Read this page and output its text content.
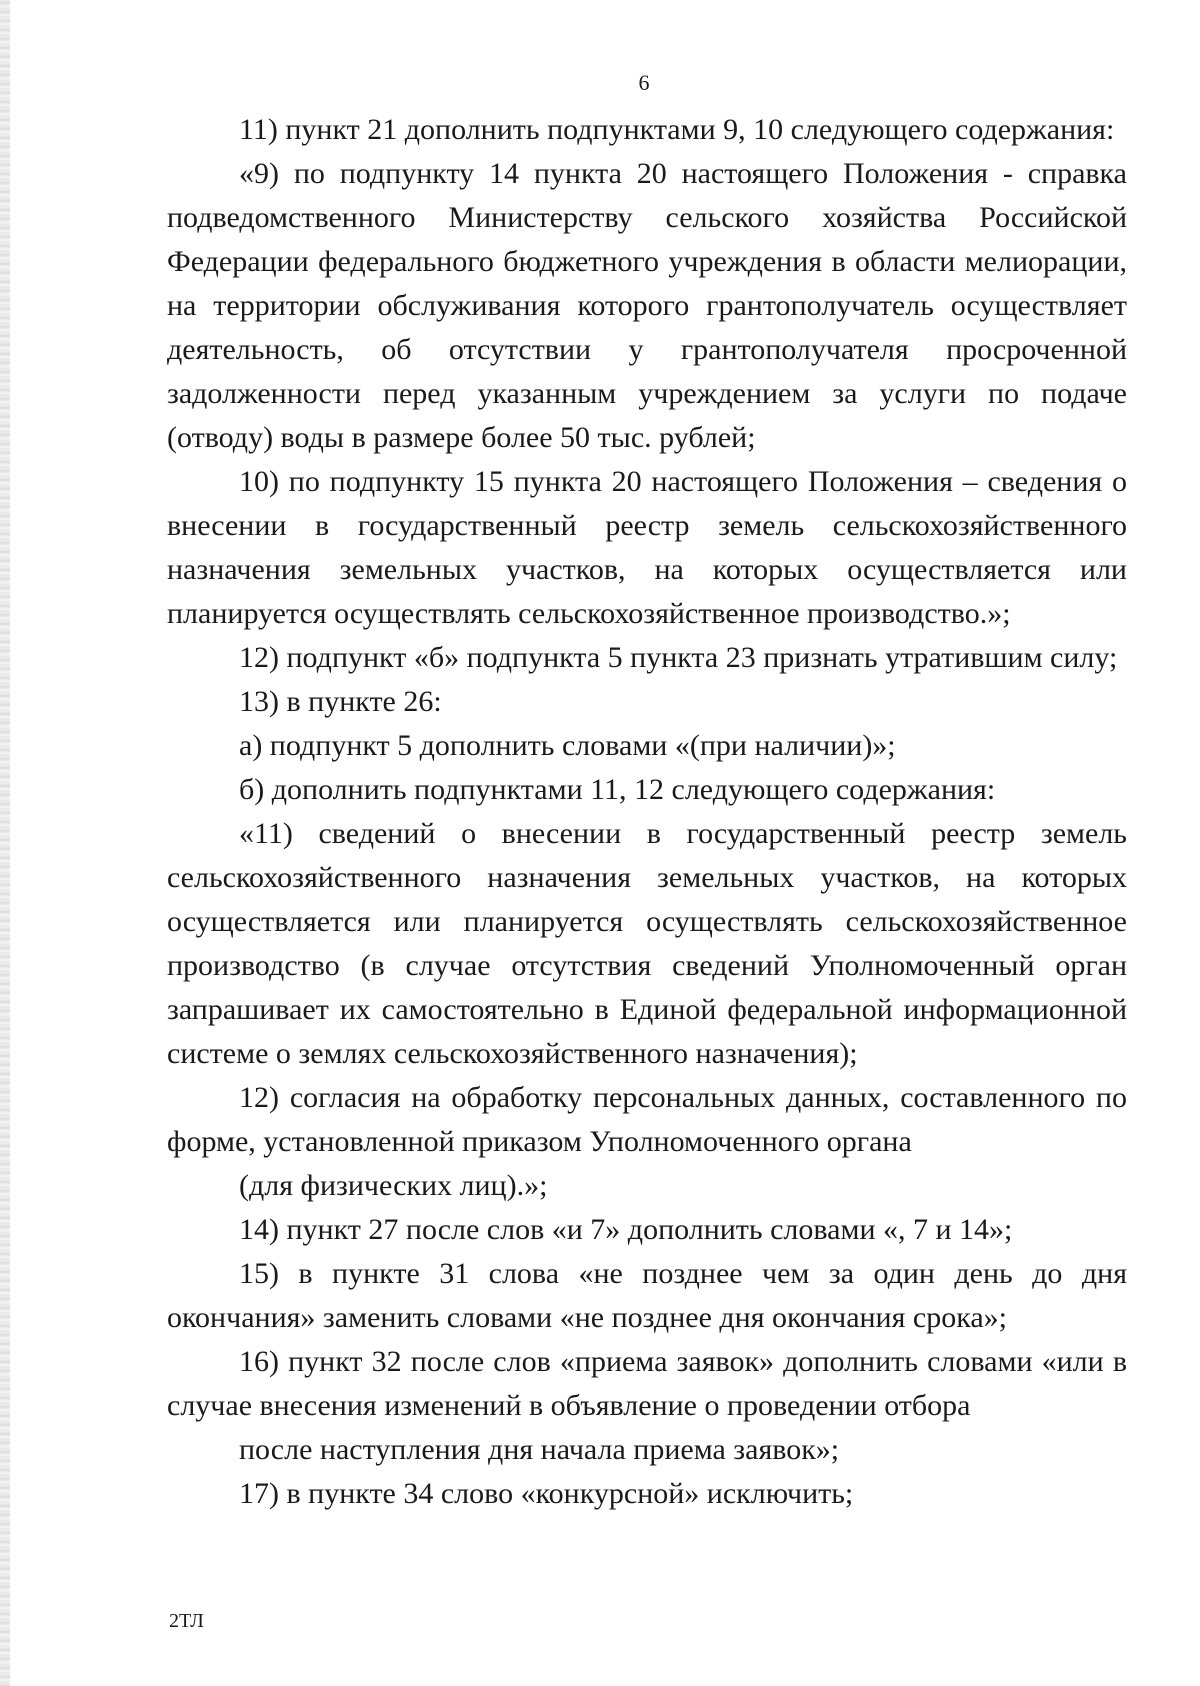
6

11) пункт 21 дополнить подпунктами 9, 10 следующего содержания:

«9) по подпункту 14 пункта 20 настоящего Положения - справка подведомственного Министерству сельского хозяйства Российской Федерации федерального бюджетного учреждения в области мелиорации, на территории обслуживания которого грантополучатель осуществляет деятельность, об отсутствии у грантополучателя просроченной задолженности перед указанным учреждением за услуги по подаче (отводу) воды в размере более 50 тыс. рублей;

10) по подпункту 15 пункта 20 настоящего Положения – сведения о внесении в государственный реестр земель сельскохозяйственного назначения земельных участков, на которых осуществляется или планируется осуществлять сельскохозяйственное производство.»;

12) подпункт «б» подпункта 5 пункта 23 признать утратившим силу;

13) в пункте 26:

а) подпункт 5 дополнить словами «(при наличии)»;

б) дополнить подпунктами 11, 12 следующего содержания:

«11) сведений о внесении в государственный реестр земель сельскохозяйственного назначения земельных участков, на которых осуществляется или планируется осуществлять сельскохозяйственное производство (в случае отсутствия сведений Уполномоченный орган запрашивает их самостоятельно в Единой федеральной информационной системе о землях сельскохозяйственного назначения);

12) согласия на обработку персональных данных, составленного по форме, установленной приказом Уполномоченного органа

(для физических лиц).»;

14) пункт 27 после слов «и 7» дополнить словами «, 7 и 14»;

15) в пункте 31 слова «не позднее чем за один день до дня окончания» заменить словами «не позднее дня окончания срока»;

16) пункт 32 после слов «приема заявок» дополнить словами «или в случае внесения изменений в объявление о проведении отбора

после наступления дня начала приема заявок»;

17) в пункте 34 слово «конкурсной» исключить;

2ТЛ
